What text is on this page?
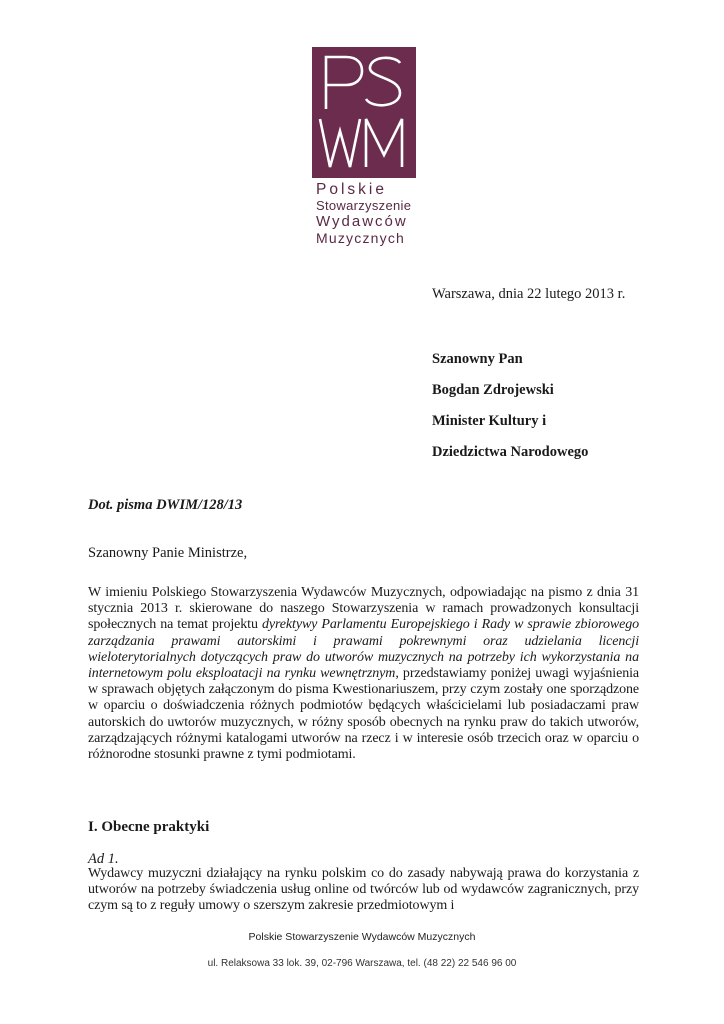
Polskie
Stowarzyszenie
Wydawców
Muzycznych
Warszawa, dnia 22 lutego 2013 r.
Szanowny Pan
Bogdan Zdrojewski
Minister Kultury i
Dziedzictwa Narodowego
Dot. pisma DWIM/128/13
Szanowny Panie Ministrze,
W imieniu Polskiego Stowarzyszenia Wydawców Muzycznych, odpowiadając na pismo z dnia 31 stycznia 2013 r. skierowane do naszego Stowarzyszenia w ramach prowadzonych konsultacji społecznych na temat projektu dyrektywy Parlamentu Europejskiego i Rady w sprawie zbiorowego zarządzania prawami autorskimi i prawami pokrewnymi oraz udzielania licencji wieloterytorialnych dotyczących praw do utworów muzycznych na potrzeby ich wykorzystania na internetowym polu eksploatacji na rynku wewnętrznym, przedstawiamy poniżej uwagi wyjaśnienia w sprawach objętych załączonym do pisma Kwestionariuszem, przy czym zostały one sporządzone w oparciu o doświadczenia różnych podmiotów będących właścicielami lub posiadaczami praw autorskich do uwtorów muzycznych, w różny sposób obecnych na rynku praw do takich utworów, zarządzających różnymi katalogami utworów na rzecz i w interesie osób trzecich oraz w oparciu o różnorodne stosunki prawne z tymi podmiotami.
I. Obecne praktyki
Ad 1.
Wydawcy muzyczni działający na rynku polskim co do zasady nabywają prawa do korzystania z utworów na potrzeby świadczenia usług online od twórców lub od wydawców zagranicznych, przy czym są to z reguły umowy o szerszym zakresie przedmiotowym i
Polskie Stowarzyszenie Wydawców Muzycznych
ul. Relaksowa 33 lok. 39, 02-796 Warszawa, tel. (48 22) 22 546 96 00
